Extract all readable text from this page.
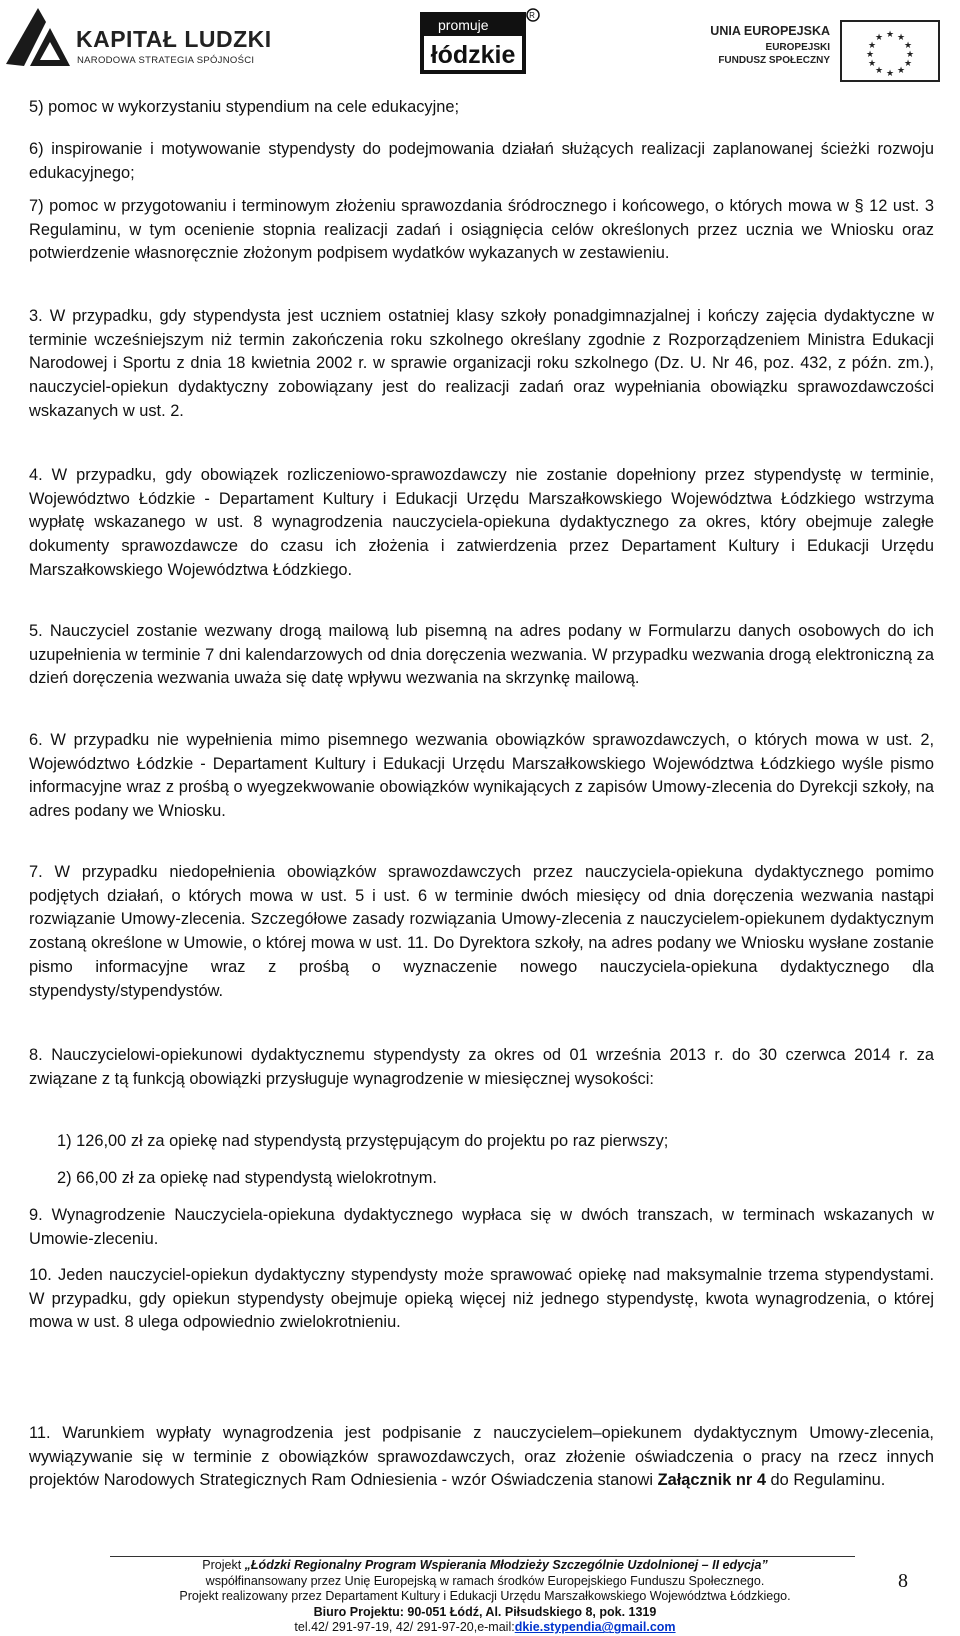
KAPITAŁ LUDZKI
NARODOWA STRATEGIA SPÓJNOŚCI
R
promuje
łódzkie
UNIA EUROPEJSKA
EUROPEJSKI
FUNDUSZ SPOŁECZNY
★ ★
★
★
★
★
★
★
★
★
★
★
5) pomoc w wykorzystaniu stypendium na cele edukacyjne;
6) inspirowanie i motywowanie stypendysty do podejmowania działań służących realizacji zaplanowanej ścieżki rozwoju edukacyjnego;
7) pomoc w przygotowaniu i terminowym złożeniu sprawozdania śródrocznego i końcowego, o których mowa w § 12 ust. 3 Regulaminu, w tym ocenienie stopnia realizacji zadań i osiągnięcia celów określonych przez ucznia we Wniosku oraz potwierdzenie własnoręcznie złożonym podpisem wydatków wykazanych w zestawieniu.
3. W przypadku, gdy stypendysta jest uczniem ostatniej klasy szkoły ponadgimnazjalnej i kończy zajęcia dydaktyczne w terminie wcześniejszym niż termin zakończenia roku szkolnego określany zgodnie z Rozporządzeniem Ministra Edukacji Narodowej i Sportu z dnia 18 kwietnia 2002 r. w sprawie organizacji roku szkolnego (Dz. U. Nr 46, poz. 432, z późn. zm.), nauczyciel-opiekun dydaktyczny zobowiązany jest do realizacji zadań oraz wypełniania obowiązku sprawozdawczości wskazanych w ust. 2.
4. W przypadku, gdy obowiązek rozliczeniowo-sprawozdawczy nie zostanie dopełniony przez stypendystę w terminie, Województwo Łódzkie - Departament Kultury i Edukacji Urzędu Marszałkowskiego Województwa Łódzkiego wstrzyma wypłatę wskazanego w ust. 8 wynagrodzenia nauczyciela-opiekuna dydaktycznego za okres, który obejmuje zaległe dokumenty sprawozdawcze do czasu ich złożenia i zatwierdzenia przez Departament Kultury i Edukacji Urzędu Marszałkowskiego Województwa Łódzkiego.
5. Nauczyciel zostanie wezwany drogą mailową lub pisemną na adres podany w Formularzu danych osobowych do ich uzupełnienia w terminie 7 dni kalendarzowych od dnia doręczenia wezwania. W przypadku wezwania drogą elektroniczną za dzień doręczenia wezwania uważa się datę wpływu wezwania na skrzynkę mailową.
6. W przypadku nie wypełnienia mimo pisemnego wezwania obowiązków sprawozdawczych, o których mowa w ust. 2, Województwo Łódzkie - Departament Kultury i Edukacji Urzędu Marszałkowskiego Województwa Łódzkiego wyśle pismo informacyjne wraz z prośbą o wyegzekwowanie obowiązków wynikających z zapisów Umowy-zlecenia do Dyrekcji szkoły, na adres podany we Wniosku.
7. W przypadku niedopełnienia obowiązków sprawozdawczych przez nauczyciela-opiekuna dydaktycznego pomimo podjętych działań, o których mowa w ust. 5 i ust. 6 w terminie dwóch miesięcy od dnia doręczenia wezwania nastąpi rozwiązanie Umowy-zlecenia. Szczegółowe zasady rozwiązania Umowy-zlecenia z nauczycielem-opiekunem dydaktycznym zostaną określone w Umowie, o której mowa w ust. 11. Do Dyrektora szkoły, na adres podany we Wniosku wysłane zostanie pismo informacyjne wraz z prośbą o wyznaczenie nowego nauczyciela-opiekuna dydaktycznego dla stypendysty/stypendystów.
8. Nauczycielowi-opiekunowi dydaktycznemu stypendysty za okres od 01 września 2013 r. do 30 czerwca 2014 r. za związane z tą funkcją obowiązki przysługuje wynagrodzenie w miesięcznej wysokości:
1) 126,00 zł za opiekę nad stypendystą przystępującym do projektu po raz pierwszy;
2) 66,00 zł za opiekę nad stypendystą wielokrotnym.
9. Wynagrodzenie Nauczyciela-opiekuna dydaktycznego wypłaca się w dwóch transzach, w terminach wskazanych w Umowie-zleceniu.
10. Jeden nauczyciel-opiekun dydaktyczny stypendysty może sprawować opiekę nad maksymalnie trzema stypendystami. W przypadku, gdy opiekun stypendysty obejmuje opieką więcej niż jednego stypendystę, kwota wynagrodzenia, o której mowa w ust. 8 ulega odpowiednio zwielokrotnieniu.
11. Warunkiem wypłaty wynagrodzenia jest podpisanie z nauczycielem–opiekunem dydaktycznym Umowy-zlecenia, wywiązywanie się w terminie z obowiązków sprawozdawczych, oraz złożenie oświadczenia o pracy na rzecz innych projektów Narodowych Strategicznych Ram Odniesienia - wzór Oświadczenia stanowi Załącznik nr 4 do Regulaminu.
8
Projekt „Łódzki Regionalny Program Wspierania Młodzieży Szczególnie Uzdolnionej – II edycja”
współfinansowany przez Unię Europejską w ramach środków Europejskiego Funduszu Społecznego.
Projekt realizowany przez Departament Kultury i Edukacji Urzędu Marszałkowskiego Województwa Łódzkiego.
Biuro Projektu: 90-051 Łódź, Al. Piłsudskiego 8, pok. 1319
tel.42/ 291-97-19, 42/ 291-97-20,e-mail:dkie.stypendia@gmail.com
